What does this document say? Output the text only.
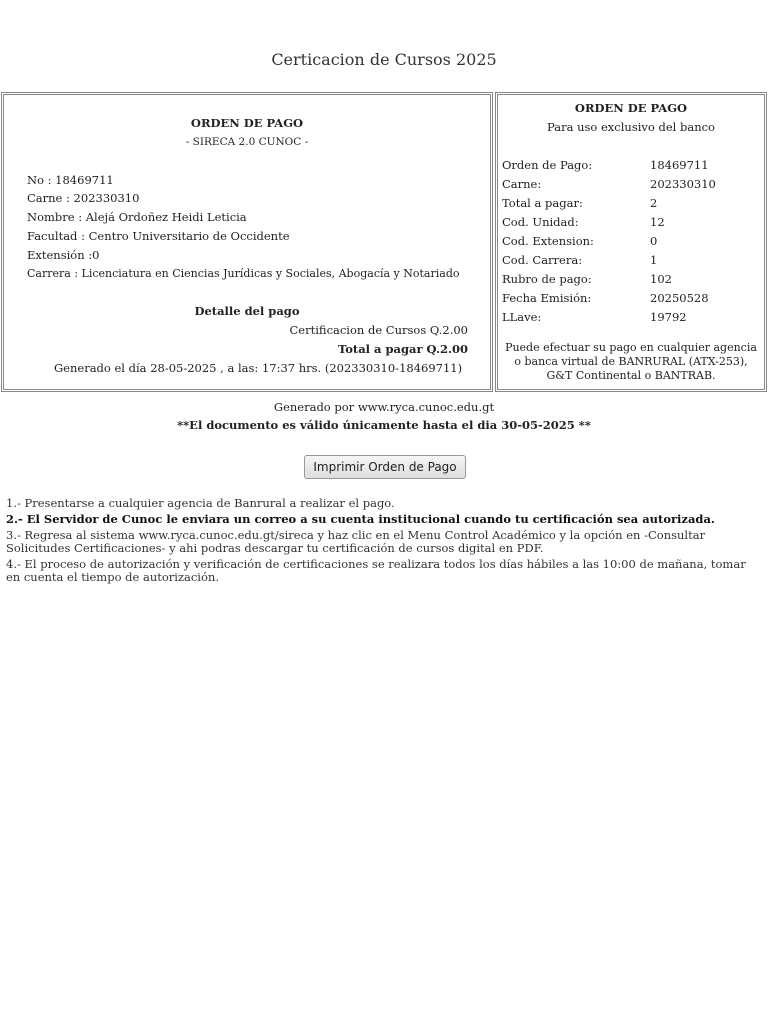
Certicacion de Cursos 2025
ORDEN DE PAGO
- SIRECA 2.0 CUNOC -
No : 18469711
Carne : 202330310
Nombre : Alejá Ordoñez Heidi Leticia
Facultad : Centro Universitario de Occidente
Extensión :0
Carrera : Licenciatura en Ciencias Jurídicas y Sociales, Abogacía y Notariado
Detalle del pago
Certificacion de Cursos Q.2.00
Total a pagar Q.2.00
Generado el día 28-05-2025 , a las: 17:37 hrs. (202330310-18469711)
ORDEN DE PAGO
Para uso exclusivo del banco
Orden de Pago:	18469711
Carne:	202330310
Total a pagar:	2
Cod. Unidad:	12
Cod. Extension:	0
Cod. Carrera:	1
Rubro de pago:	102
Fecha Emisión:	20250528
LLave:	19792
Puede efectuar su pago en cualquier agencia
o banca virtual de BANRURAL (ATX-253),
G&T Continental o BANTRAB.
Generado por www.ryca.cunoc.edu.gt
**El documento es válido únicamente hasta el dia 30-05-2025 **
Imprimir Orden de Pago
1.- Presentarse a cualquier agencia de Banrural a realizar el pago.
2.- El Servidor de Cunoc le enviara un correo a su cuenta institucional cuando tu certificación sea autorizada.
3.- Regresa al sistema www.ryca.cunoc.edu.gt/sireca y haz clic en el Menu Control Académico y la opción en -Consultar Solicitudes Certificaciones- y ahi podras descargar tu certificación de cursos digital en PDF.
4.- El proceso de autorización y verificación de certificaciones se realizara todos los días hábiles a las 10:00 de mañana, tomar en cuenta el tiempo de autorización.
